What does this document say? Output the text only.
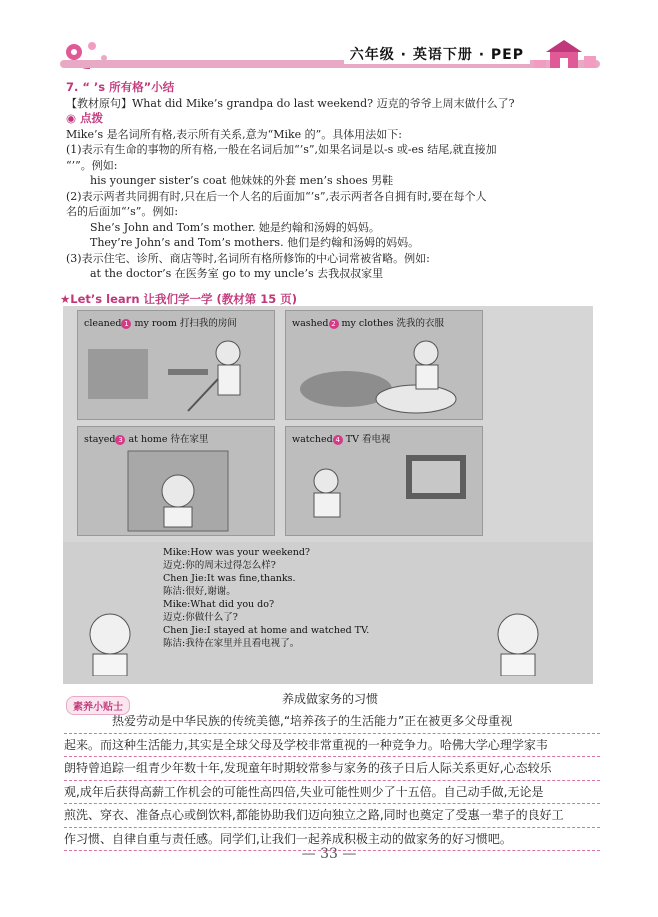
六年级 · 英语下册 · PEP
7. “ ’s 所有格”小结
【教材原句】What did Mike’s grandpa do last weekend? 迈克的爷爷上周末做什么了?
◉ 点拨
Mike’s 是名词所有格,表示所有关系,意为“Mike 的”。具体用法如下:
(1)表示有生命的事物的所有格,一般在名词后加“’s”,如果名词是以-s 或-es 结尾,就直接加
“’”。例如:
his younger sister’s coat 他妹妹的外套 men’s shoes 男鞋
(2)表示两者共同拥有时,只在后一个人名的后面加“’s”,表示两者各自拥有时,要在每个人
名的后面加“’s”。例如:
She’s John and Tom’s mother. 她是约翰和汤姆的妈妈。
They’re John’s and Tom’s mothers. 他们是约翰和汤姆的妈妈。
(3)表示住宅、诊所、商店等时,名词所有格所修饰的中心词常被省略。例如:
at the doctor’s 在医务室 go to my uncle’s 去我叔叔家里
★Let’s learn 让我们学一学 (教材第 15 页)
cleaned 1 my room 打扫我的房间	washed 2 my clothes 洗我的衣服
stayed 3 at home 待在家里	watched 4 TV 看电视
Mike:How was your weekend?
迈克:你的周末过得怎么样?
Chen Jie:It was fine,thanks.
陈洁:很好,谢谢。
Mike:What did you do?
迈克:你做什么了?
Chen Jie:I stayed at home and watched TV.
陈洁:我待在家里并且看电视了。
素养小贴士
养成做家务的习惯
　　　　热爱劳动是中华民族的传统美德,“培养孩子的生活能力”正在被更多父母重视
起来。而这种生活能力,其实是全球父母及学校非常重视的一种竞争力。哈佛大学心理学家韦
朗特曾追踪一组青少年数十年,发现童年时期较常参与家务的孩子日后人际关系更好,心态较乐
观,成年后获得高薪工作机会的可能性高四倍,失业可能性则少了十五倍。自己动手做,无论是
煎洗、穿衣、准备点心或倒饮料,都能协助我们迈向独立之路,同时也奠定了受惠一辈子的良好工
作习惯、自律自重与责任感。同学们,让我们一起养成积极主动的做家务的好习惯吧。
— 33 —
